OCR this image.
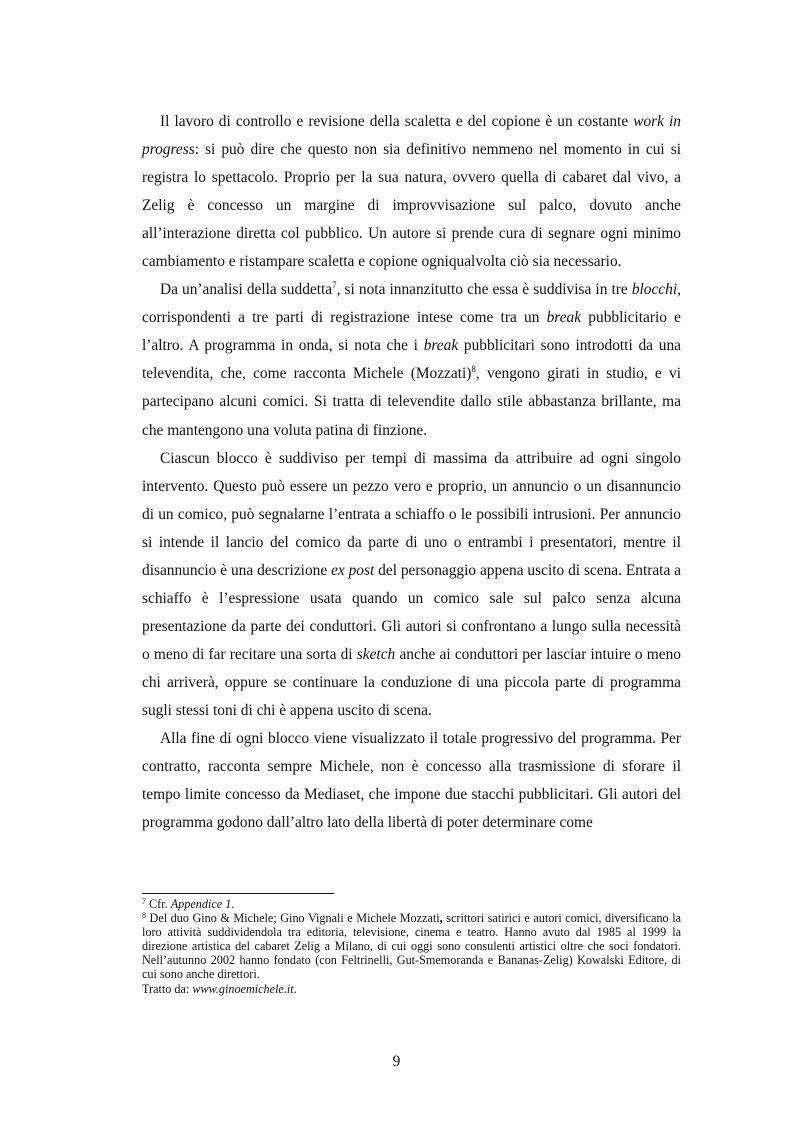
Il lavoro di controllo e revisione della scaletta e del copione è un costante work in progress: si può dire che questo non sia definitivo nemmeno nel momento in cui si registra lo spettacolo. Proprio per la sua natura, ovvero quella di cabaret dal vivo, a Zelig è concesso un margine di improvvisazione sul palco, dovuto anche all’interazione diretta col pubblico. Un autore si prende cura di segnare ogni minimo cambiamento e ristampare scaletta e copione ogniqualvolta ciò sia necessario.

Da un’analisi della suddetta$^7$, si nota innanzitutto che essa è suddivisa in tre blocchi, corrispondenti a tre parti di registrazione intese come tra un break pubblicitario e l’altro. A programma in onda, si nota che i break pubblicitari sono introdotti da una televendita, che, come racconta Michele (Mozzati)$^8$, vengono girati in studio, e vi partecipano alcuni comici. Si tratta di televendite dallo stile abbastanza brillante, ma che mantengono una voluta patina di finzione.

Ciascun blocco è suddiviso per tempi di massima da attribuire ad ogni singolo intervento. Questo può essere un pezzo vero e proprio, un annuncio o un disannuncio di un comico, può segnalarne l’entrata a schiaffo o le possibili intrusioni. Per annuncio si intende il lancio del comico da parte di uno o entrambi i presentatori, mentre il disannuncio è una descrizione ex post del personaggio appena uscito di scena. Entrata a schiaffo è l’espressione usata quando un comico sale sul palco senza alcuna presentazione da parte dei conduttori. Gli autori si confrontano a lungo sulla necessità o meno di far recitare una sorta di sketch anche ai conduttori per lasciar intuire o meno chi arriverà, oppure se continuare la conduzione di una piccola parte di programma sugli stessi toni di chi è appena uscito di scena.

Alla fine di ogni blocco viene visualizzato il totale progressivo del programma. Per contratto, racconta sempre Michele, non è concesso alla trasmissione di sforare il tempo limite concesso da Mediaset, che impone due stacchi pubblicitari. Gli autori del programma godono dall’altro lato della libertà di poter determinare come

$^7$ Cfr. Appendice 1.

$^8$ Del duo Gino & Michele; Gino Vignali e Michele Mozzati, scrittori satirici e autori comici, diversificano la loro attività suddividendola tra editoria, televisione, cinema e teatro. Hanno avuto dal 1985 al 1999 la direzione artistica del cabaret Zelig a Milano, di cui oggi sono consulenti artistici oltre che soci fondatori. Nell’autunno 2002 hanno fondato (con Feltrinelli, Gut-Smemoranda e Bananas-Zelig) Kowalski Editore, di cui sono anche direttori.

Tratto da: www.ginoemichele.it.

9
